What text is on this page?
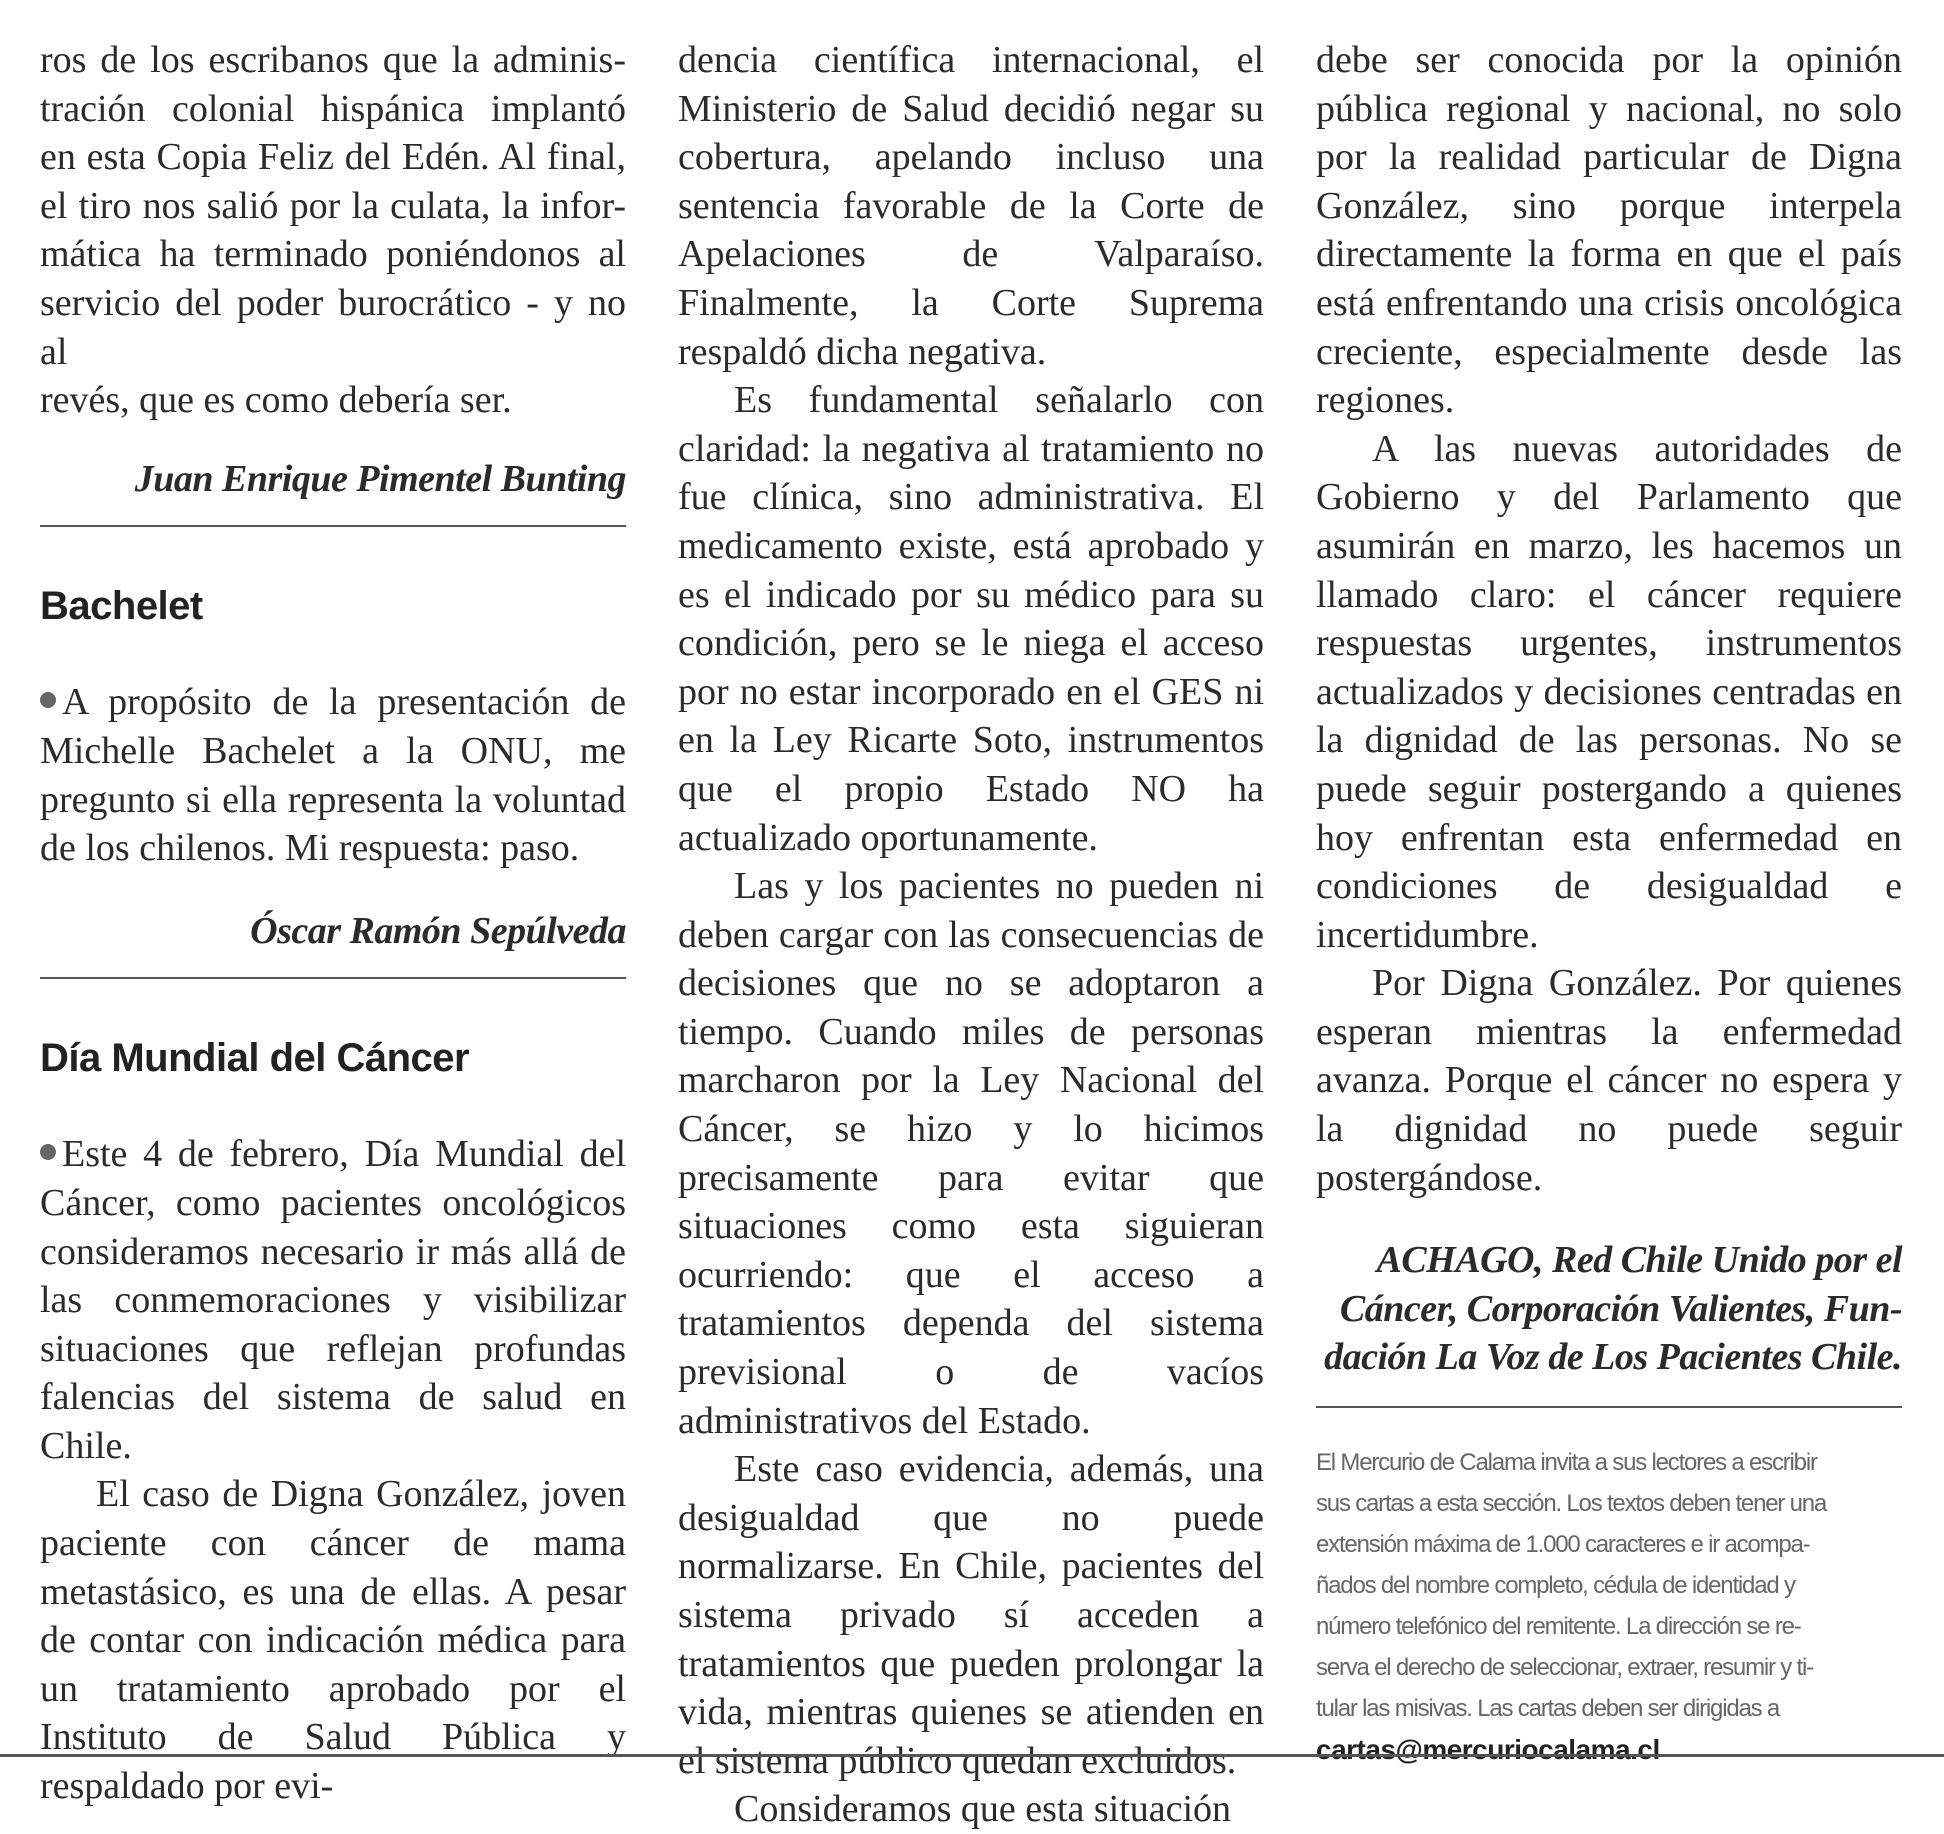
ros de los escribanos que la adminis-
tración colonial hispánica implantó
en esta Copia Feliz del Edén. Al final,
el tiro nos salió por la culata, la infor-
mática ha terminado poniéndonos al
servicio del poder burocrático - y no al
revés, que es como debería ser.
Juan Enrique Pimentel Bunting
Bachelet

A propósito de la presentación de Michelle Bachelet a la ONU, me pregunto si ella representa la voluntad de los chilenos. Mi respuesta: paso.

Óscar Ramón Sepúlveda
Día Mundial del Cáncer

Este 4 de febrero, Día Mundial del Cáncer, como pacientes oncológicos consideramos necesario ir más allá de las conmemoraciones y visibilizar situaciones que reflejan profundas falencias del sistema de salud en Chile.

El caso de Digna González, joven paciente con cáncer de mama metastásico, es una de ellas. A pesar de contar con indicación médica para un tratamiento aprobado por el Instituto de Salud Pública y respaldado por evi-

dencia científica internacional, el Ministerio de Salud decidió negar su cobertura, apelando incluso una sentencia favorable de la Corte de Apelaciones de Valparaíso. Finalmente, la Corte Suprema respaldó dicha negativa.

Es fundamental señalarlo con claridad: la negativa al tratamiento no fue clínica, sino administrativa. El medicamento existe, está aprobado y es el indicado por su médico para su condición, pero se le niega el acceso por no estar incorporado en el GES ni en la Ley Ricarte Soto, instrumentos que el propio Estado NO ha actualizado oportunamente.

Las y los pacientes no pueden ni deben cargar con las consecuencias de decisiones que no se adoptaron a tiempo. Cuando miles de personas marcharon por la Ley Nacional del Cáncer, se hizo y lo hicimos precisamente para evitar que situaciones como esta siguieran ocurriendo: que el acceso a tratamientos dependa del sistema previsional o de vacíos administrativos del Estado.

Este caso evidencia, además, una desigualdad que no puede normalizarse. En Chile, pacientes del sistema privado sí acceden a tratamientos que pueden prolongar la vida, mientras quienes se atienden en el sistema público quedan excluidos.

Consideramos que esta situación

debe ser conocida por la opinión pública regional y nacional, no solo por la realidad particular de Digna González, sino porque interpela directamente la forma en que el país está enfrentando una crisis oncológica creciente, especialmente desde las regiones.

A las nuevas autoridades de Gobierno y del Parlamento que asumirán en marzo, les hacemos un llamado claro: el cáncer requiere respuestas urgentes, instrumentos actualizados y decisiones centradas en la dignidad de las personas. No se puede seguir postergando a quienes hoy enfrentan esta enfermedad en condiciones de desigualdad e incertidumbre.

Por Digna González. Por quienes esperan mientras la enfermedad avanza. Porque el cáncer no espera y la dignidad no puede seguir postergándose.

ACHAGO, Red Chile Unido por el
Cáncer, Corporación Valientes, Fun-
dación La Voz de Los Pacientes Chile.
El Mercurio de Calama invita a sus lectores a escribir
sus cartas a esta sección. Los textos deben tener una
extensión máxima de 1.000 caracteres e ir acompa-
ñados del nombre completo, cédula de identidad y
número telefónico del remitente. La dirección se re-
serva el derecho de seleccionar, extraer, resumir y ti-
tular las misivas. Las cartas deben ser dirigidas a
cartas@mercuriocalama.cl
